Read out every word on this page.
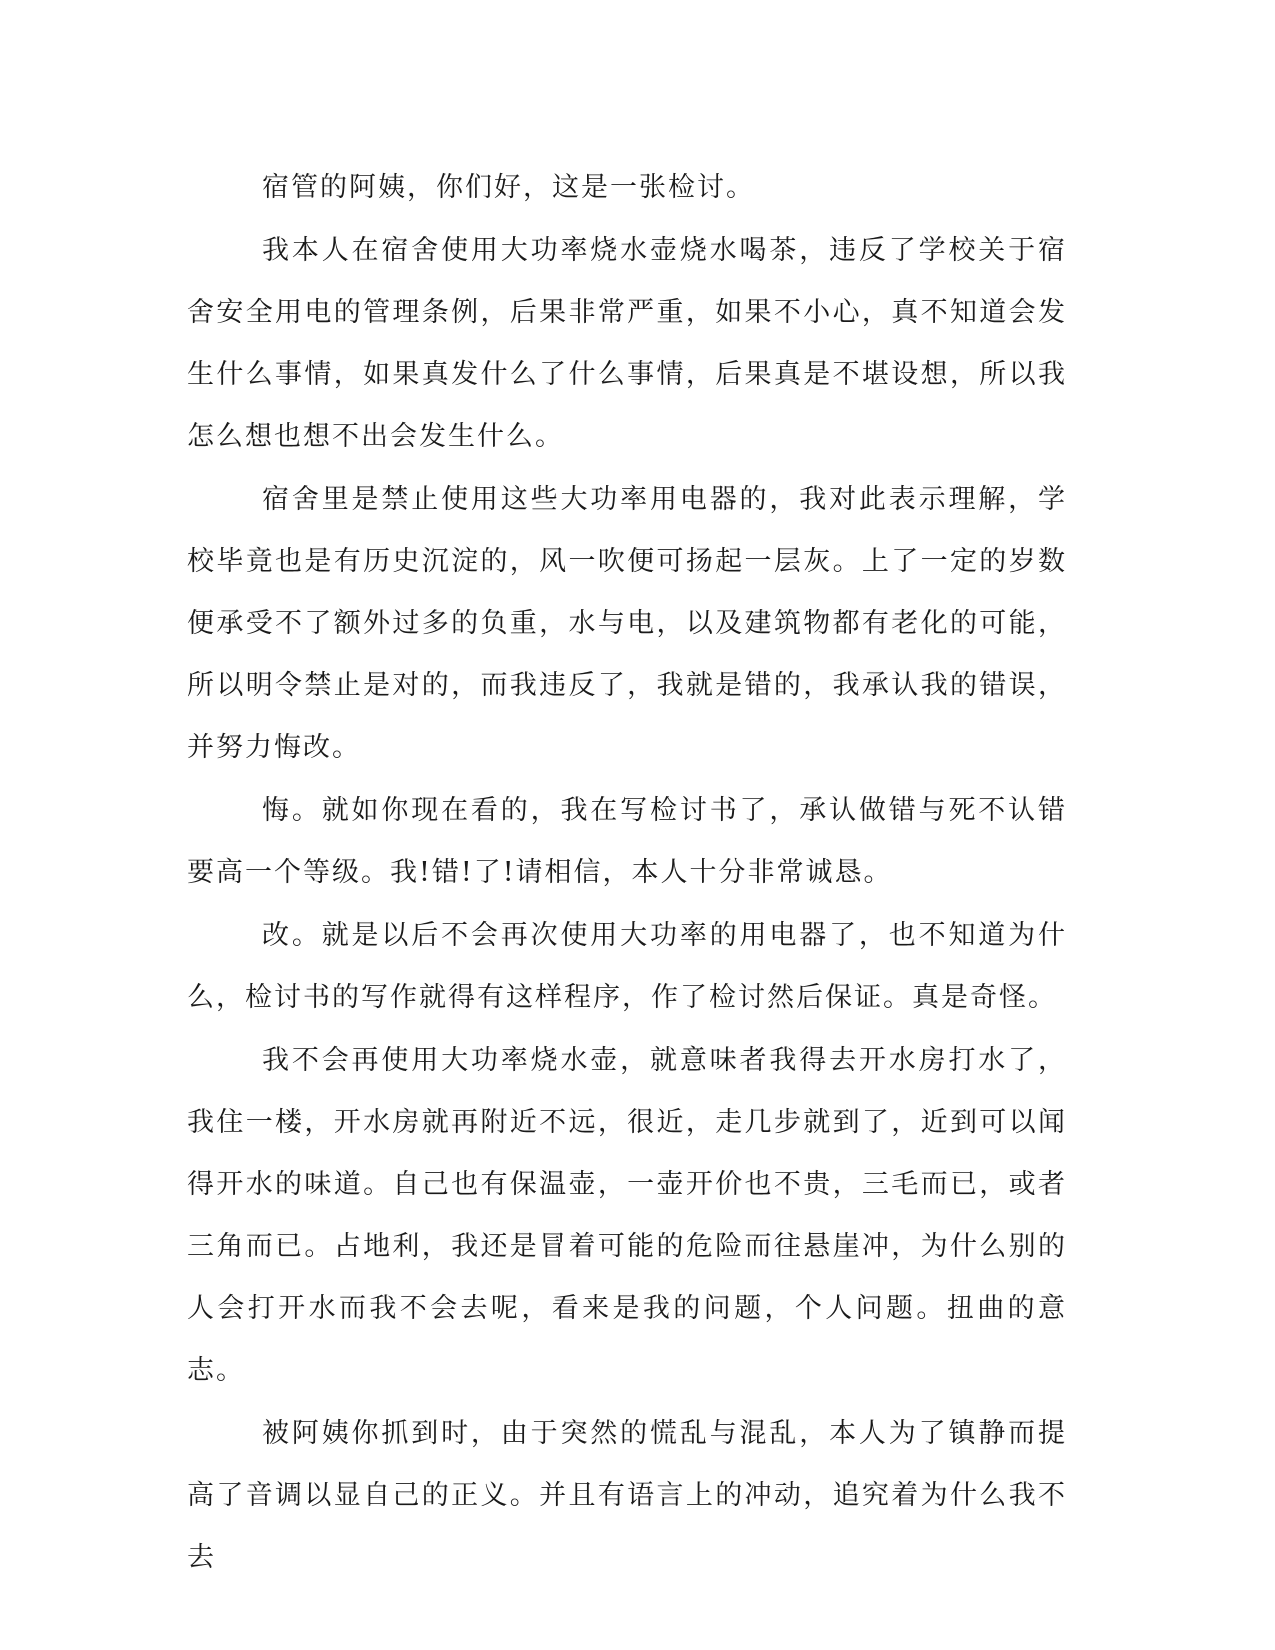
宿管的阿姨，你们好，这是一张检讨。

我本人在宿舍使用大功率烧水壶烧水喝茶，违反了学校关于宿舍安全用电的管理条例，后果非常严重，如果不小心，真不知道会发生什么事情，如果真发什么了什么事情，后果真是不堪设想，所以我怎么想也想不出会发生什么。

宿舍里是禁止使用这些大功率用电器的，我对此表示理解，学校毕竟也是有历史沉淀的，风一吹便可扬起一层灰。上了一定的岁数便承受不了额外过多的负重，水与电，以及建筑物都有老化的可能，所以明令禁止是对的，而我违反了，我就是错的，我承认我的错误，并努力悔改。

悔。就如你现在看的，我在写检讨书了，承认做错与死不认错要高一个等级。我!错!了!请相信，本人十分非常诚恳。

改。就是以后不会再次使用大功率的用电器了，也不知道为什么，检讨书的写作就得有这样程序，作了检讨然后保证。真是奇怪。

我不会再使用大功率烧水壶，就意味者我得去开水房打水了，我住一楼，开水房就再附近不远，很近，走几步就到了，近到可以闻得开水的味道。自己也有保温壶，一壶开价也不贵，三毛而已，或者三角而已。占地利，我还是冒着可能的危险而往悬崖冲，为什么别的人会打开水而我不会去呢，看来是我的问题，个人问题。扭曲的意志。

被阿姨你抓到时，由于突然的慌乱与混乱，本人为了镇静而提高了音调以显自己的正义。并且有语言上的冲动，追究着为什么我不去
